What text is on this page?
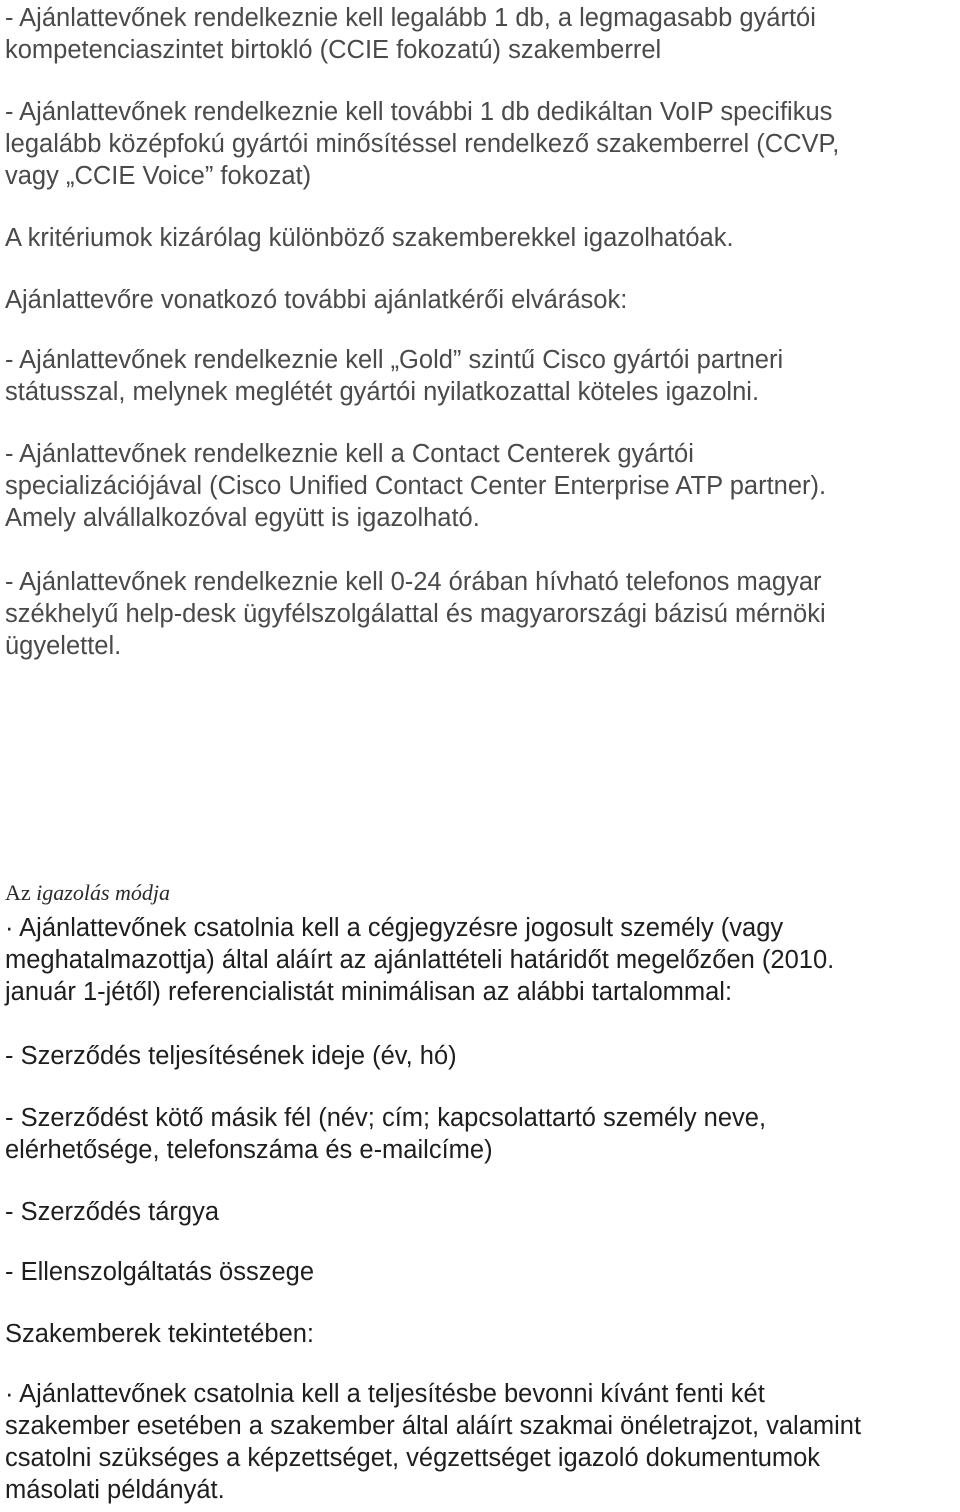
- Ajánlattevőnek rendelkeznie kell legalább 1 db, a legmagasabb gyártói
kompetenciaszintet birtokló (CCIE fokozatú) szakemberrel

- Ajánlattevőnek rendelkeznie kell további 1 db dedikáltan VoIP specifikus
legalább középfokú gyártói minősítéssel rendelkező szakemberrel (CCVP,
vagy „CCIE Voice” fokozat)

A kritériumok kizárólag különböző szakemberekkel igazolhatóak.

Ajánlattevőre vonatkozó további ajánlatkérői elvárások:

- Ajánlattevőnek rendelkeznie kell „Gold” szintű Cisco gyártói partneri
státusszal, melynek meglétét gyártói nyilatkozattal köteles igazolni.

- Ajánlattevőnek rendelkeznie kell a Contact Centerek gyártói
specializációjával (Cisco Unified Contact Center Enterprise ATP partner).
Amely alvállalkozóval együtt is igazolható.

- Ajánlattevőnek rendelkeznie kell 0-24 órában hívható telefonos magyar
székhelyű help-desk ügyfélszolgálattal és magyarországi bázisú mérnöki
ügyelettel.

Az igazolás módja

· Ajánlattevőnek csatolnia kell a cégjegyzésre jogosult személy (vagy
meghatalmazottja) által aláírt az ajánlattételi határidőt megelőzően (2010.
január 1-jétől) referencialistát minimálisan az alábbi tartalommal:

- Szerződés teljesítésének ideje (év, hó)

- Szerződést kötő másik fél (név; cím; kapcsolattartó személy neve,
elérhetősége, telefonszáma és e-mailcíme)

- Szerződés tárgya

- Ellenszolgáltatás összege

Szakemberek tekintetében:

· Ajánlattevőnek csatolnia kell a teljesítésbe bevonni kívánt fenti két
szakember esetében a szakember által aláírt szakmai önéletrajzot, valamint
csatolni szükséges a képzettséget, végzettséget igazoló dokumentumok
másolati példányát.
